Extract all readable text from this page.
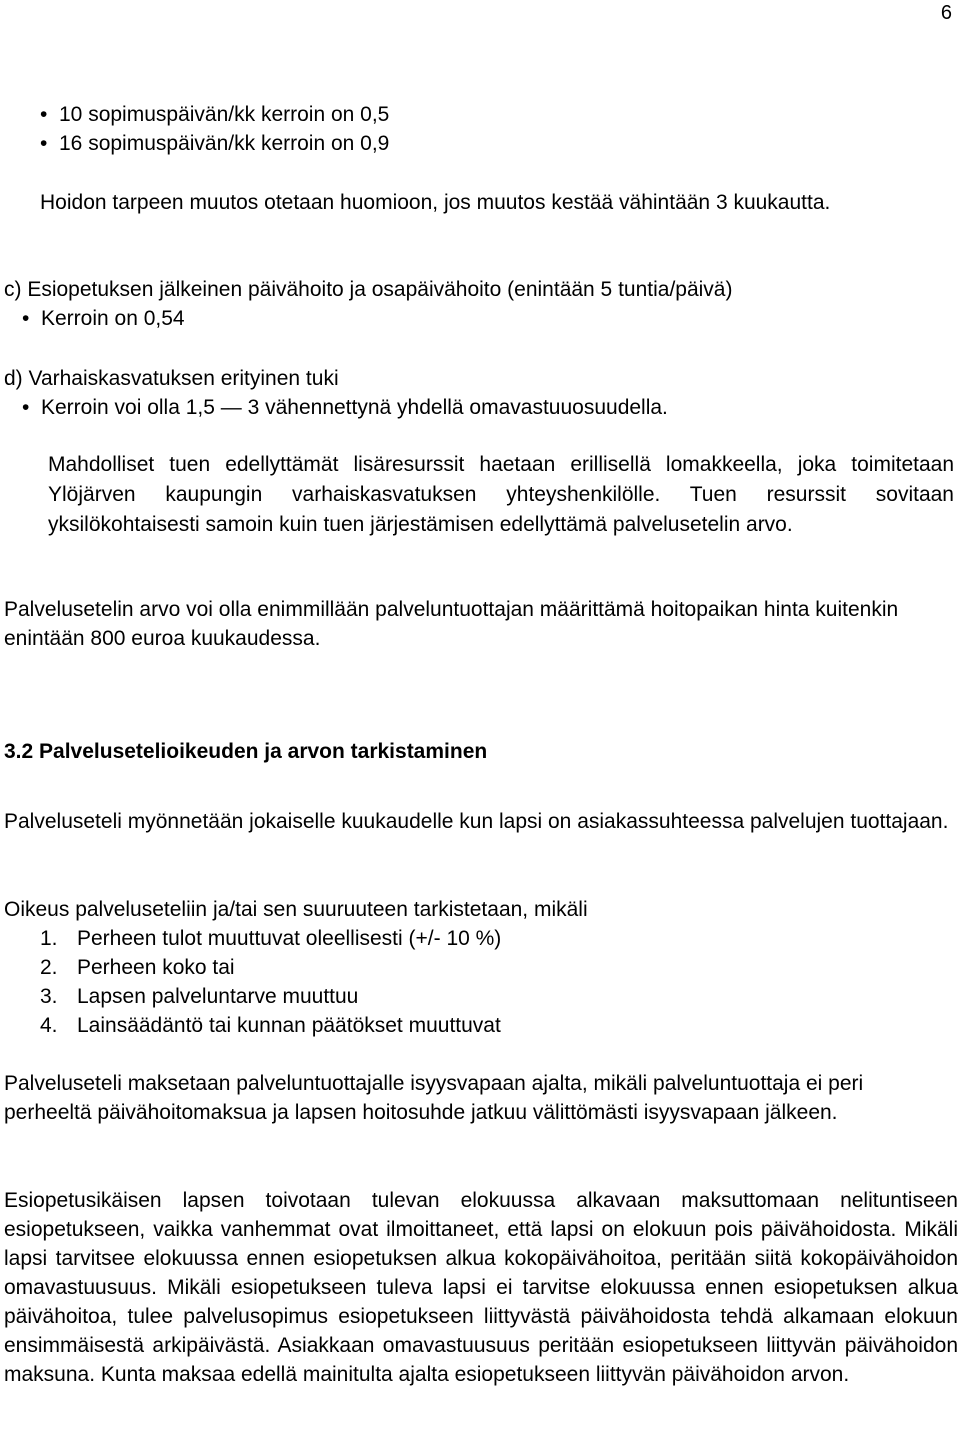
6
• 10 sopimuspäivän/kk kerroin on 0,5
• 16 sopimuspäivän/kk kerroin on 0,9

Hoidon tarpeen muutos otetaan huomioon, jos muutos kestää vähintään 3 kuukautta.

c) Esiopetuksen jälkeinen päivähoito ja osapäivähoito (enintään 5 tuntia/päivä)

• Kerroin on 0,54

d) Varhaiskasvatuksen erityinen tuki

• Kerroin voi olla 1,5 — 3 vähennettynä yhdellä omavastuuosuudella.

Mahdolliset tuen edellyttämät lisäresurssit haetaan erillisellä lomakkeella, joka toimitetaan Ylöjärven kaupungin varhaiskasvatuksen yhteyshenkilölle. Tuen resurssit sovitaan yksilökohtaisesti samoin kuin tuen järjestämisen edellyttämä palvelusetelin arvo.

Palvelusetelin arvo voi olla enimmillään palveluntuottajan määrittämä hoitopaikan hinta kuitenkin enintään 800 euroa kuukaudessa.

3.2 Palvelusetelioikeuden ja arvon tarkistaminen

Palveluseteli myönnetään jokaiselle kuukaudelle kun lapsi on asiakassuhteessa palvelujen tuottajaan.

Oikeus palveluseteliin ja/tai sen suuruuteen tarkistetaan, mikäli

1. Perheen tulot muuttuvat oleellisesti (+/- 10 %)
2. Perheen koko tai
3. Lapsen palveluntarve muuttuu
4. Lainsäädäntö tai kunnan päätökset muuttuvat

Palveluseteli maksetaan palveluntuottajalle isyysvapaan ajalta, mikäli palveluntuottaja ei peri perheeltä päivähoitomaksua ja lapsen hoitosuhde jatkuu välittömästi isyysvapaan jälkeen.

Esiopetusikäisen lapsen toivotaan tulevan elokuussa alkavaan maksuttomaan nelituntiseen esiopetukseen, vaikka vanhemmat ovat ilmoittaneet, että lapsi on elokuun pois päivähoidosta. Mikäli lapsi tarvitsee elokuussa ennen esiopetuksen alkua kokopäivähoitoa, peritään siitä kokopäivähoidon omavastuusuus. Mikäli esiopetukseen tuleva lapsi ei tarvitse elokuussa ennen esiopetuksen alkua päivähoitoa, tulee palvelusopimus esiopetukseen liittyvästä päivähoidosta tehdä alkamaan elokuun ensimmäisestä arkipäivästä. Asiakkaan omavastuusuus peritään esiopetukseen liittyvän päivähoidon maksuna. Kunta maksaa edellä mainitulta ajalta esiopetukseen liittyvän päivähoidon arvon.
